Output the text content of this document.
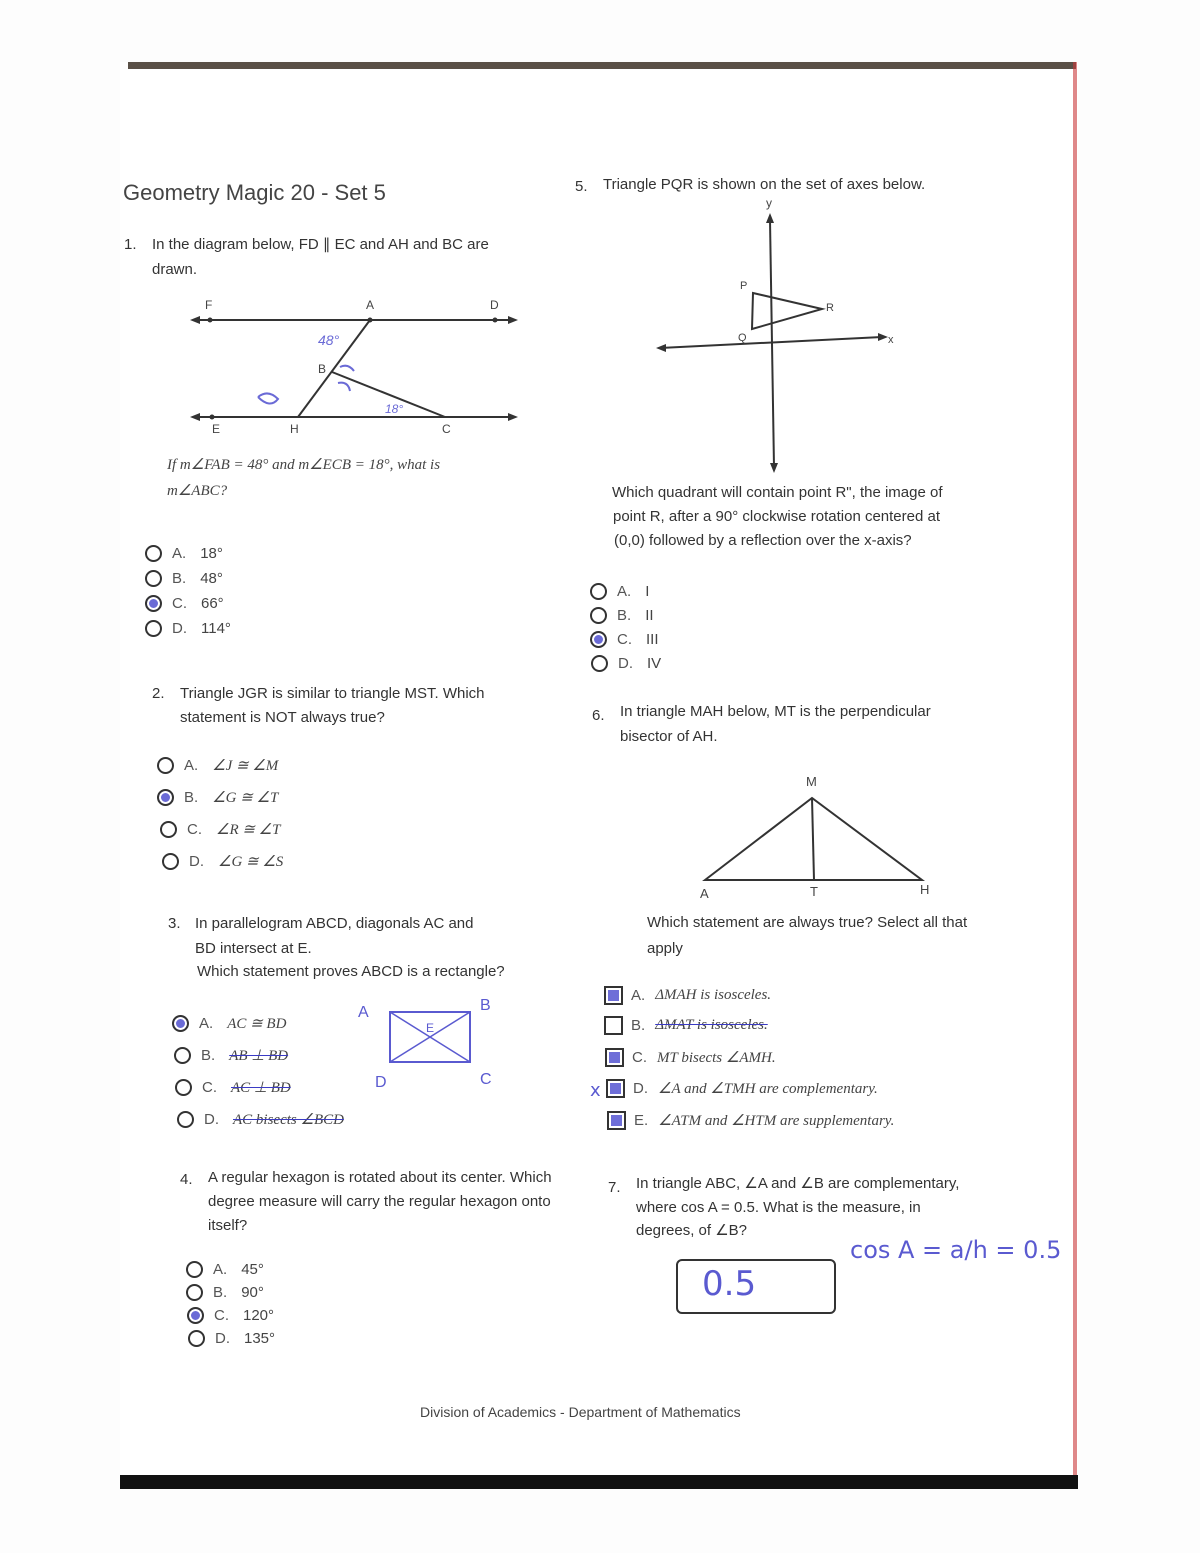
Geometry Magic 20 - Set 5
1. In the diagram below, FD ∥ EC and AH and BC are
drawn.
F	A	D
B
E	H	C
48°
18°
If m∠FAB = 48° and m∠ECB = 18°, what is
m∠ABC?
A. 18°
B. 48°
C. 66°
D. 114°
2. Triangle JGR is similar to triangle MST. Which
statement is NOT always true?
A. ∠J ≅ ∠M
B. ∠G ≅ ∠T
C. ∠R ≅ ∠T
D. ∠G ≅ ∠S
3. In parallelogram ABCD, diagonals AC and
BD intersect at E.
Which statement proves ABCD is a rectangle?
A. AC ≅ BD
B. AB ⊥ BD
C. AC ⊥ BD
D. AC bisects ∠BCD
A	B
C
D
E
4. A regular hexagon is rotated about its center. Which
degree measure will carry the regular hexagon onto
itself?
A. 45°
B. 90°
C. 120°
D. 135°
5. Triangle PQR is shown on the set of axes below.
y
x
P
Q
R
Which quadrant will contain point R", the image of
point R, after a 90° clockwise rotation centered at
(0,0) followed by a reflection over the x-axis?
A. I
B. II
C. III
D. IV
6. In triangle MAH below, MT is the perpendicular
bisector of AH.
M
A	T	H
Which statement are always true? Select all that
apply
A. ΔMAH is isosceles.
B. ΔMAT is isosceles.
C. MT bisects ∠AMH.
x D. ∠A and ∠TMH are complementary.
E. ∠ATM and ∠HTM are supplementary.
7. In triangle ABC, ∠A and ∠B are complementary,
where cos A = 0.5. What is the measure, in
degrees, of ∠B?
0.5
cos A = a/h = 0.5
Division of Academics - Department of Mathematics
